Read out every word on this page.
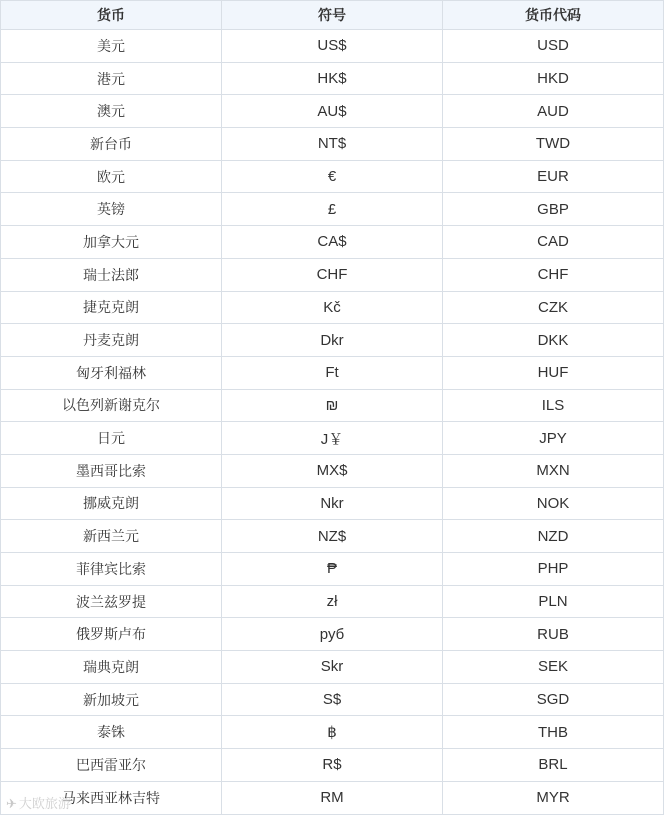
货币	符号	货币代码
美元	US$	USD
港元	HK$	HKD
澳元	AU$	AUD
新台币	NT$	TWD
欧元	€	EUR
英镑	£	GBP
加拿大元	CA$	CAD
瑞士法郎	CHF	CHF
捷克克朗	Kč	CZK
丹麦克朗	Dkr	DKK
匈牙利福林	Ft	HUF
以色列新谢克尔	₪	ILS
日元	J￥	JPY
墨西哥比索	MX$	MXN
挪威克朗	Nkr	NOK
新西兰元	NZ$	NZD
菲律宾比索	₱	PHP
波兰兹罗提	zł	PLN
俄罗斯卢布	руб	RUB
瑞典克朗	Skr	SEK
新加坡元	S$	SGD
泰铢	฿	THB
巴西雷亚尔	R$	BRL
马来西亚林吉特	RM	MYR
✈ 大欧旅游
